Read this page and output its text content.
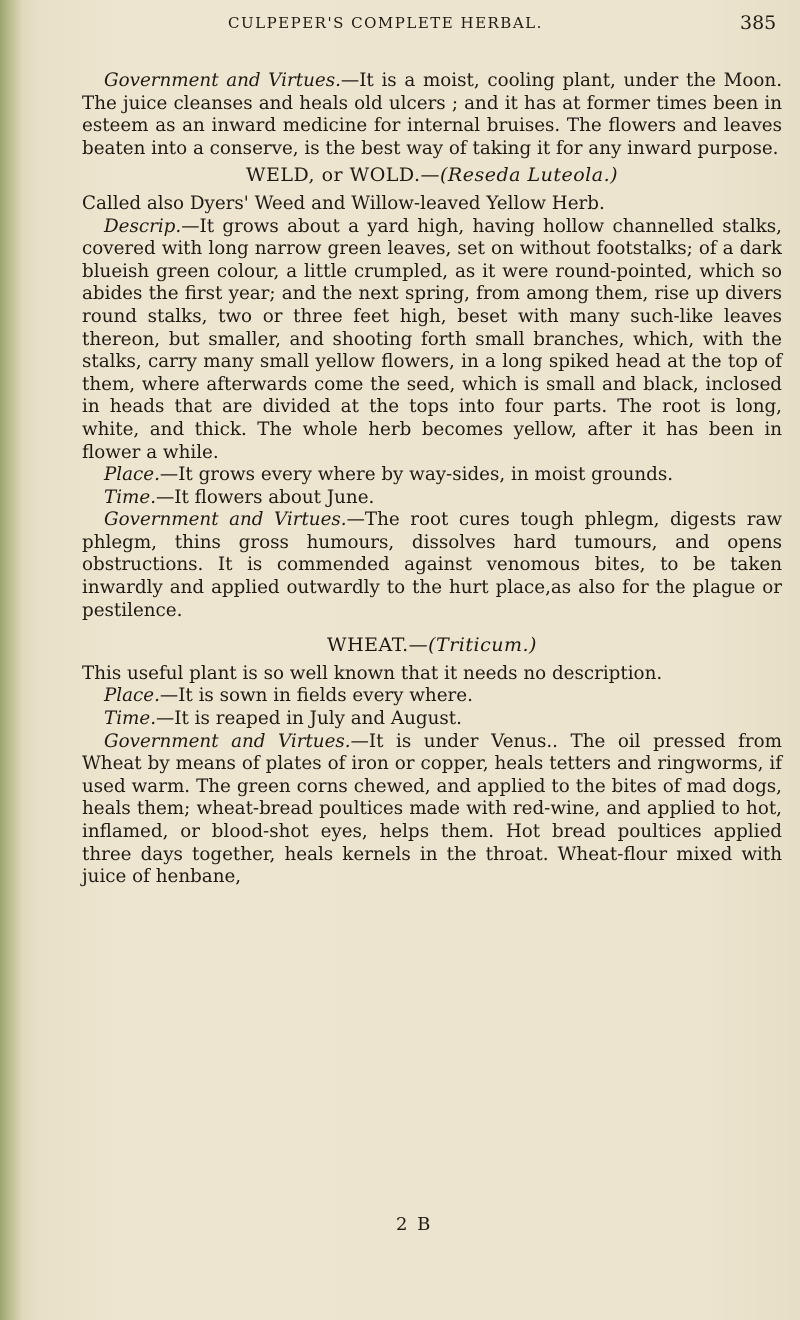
CULPEPER'S COMPLETE HERBAL.	385

Government and Virtues.—It is a moist, cooling plant, under the Moon. The juice cleanses and heals old ulcers ; and it has at former times been in esteem as an inward medicine for internal bruises. The flowers and leaves beaten into a conserve, is the best way of taking it for any inward purpose.

WELD, or WOLD.—(Reseda Luteola.)

Called also Dyers' Weed and Willow-leaved Yellow Herb.

Descrip.—It grows about a yard high, having hollow channelled stalks, covered with long narrow green leaves, set on without footstalks; of a dark blueish green colour, a little crumpled, as it were round-pointed, which so abides the first year; and the next spring, from among them, rise up divers round stalks, two or three feet high, beset with many such-like leaves thereon, but smaller, and shooting forth small branches, which, with the stalks, carry many small yellow flowers, in a long spiked head at the top of them, where afterwards come the seed, which is small and black, inclosed in heads that are divided at the tops into four parts. The root is long, white, and thick. The whole herb becomes yellow, after it has been in flower a while.

Place.—It grows every where by way-sides, in moist grounds.

Time.—It flowers about June.

Government and Virtues.—The root cures tough phlegm, digests raw phlegm, thins gross humours, dissolves hard tumours, and opens obstructions. It is commended against venomous bites, to be taken inwardly and applied outwardly to the hurt place,as also for the plague or pestilence.

WHEAT.—(Triticum.)

This useful plant is so well known that it needs no description.

Place.—It is sown in fields every where.

Time.—It is reaped in July and August.

Government and Virtues.—It is under Venus.. The oil pressed from Wheat by means of plates of iron or copper, heals tetters and ringworms, if used warm. The green corns chewed, and applied to the bites of mad dogs, heals them; wheat-bread poultices made with red-wine, and applied to hot, inflamed, or blood-shot eyes, helps them. Hot bread poultices applied three days together, heals kernels in the throat. Wheat-flour mixed with juice of henbane,

2 B
